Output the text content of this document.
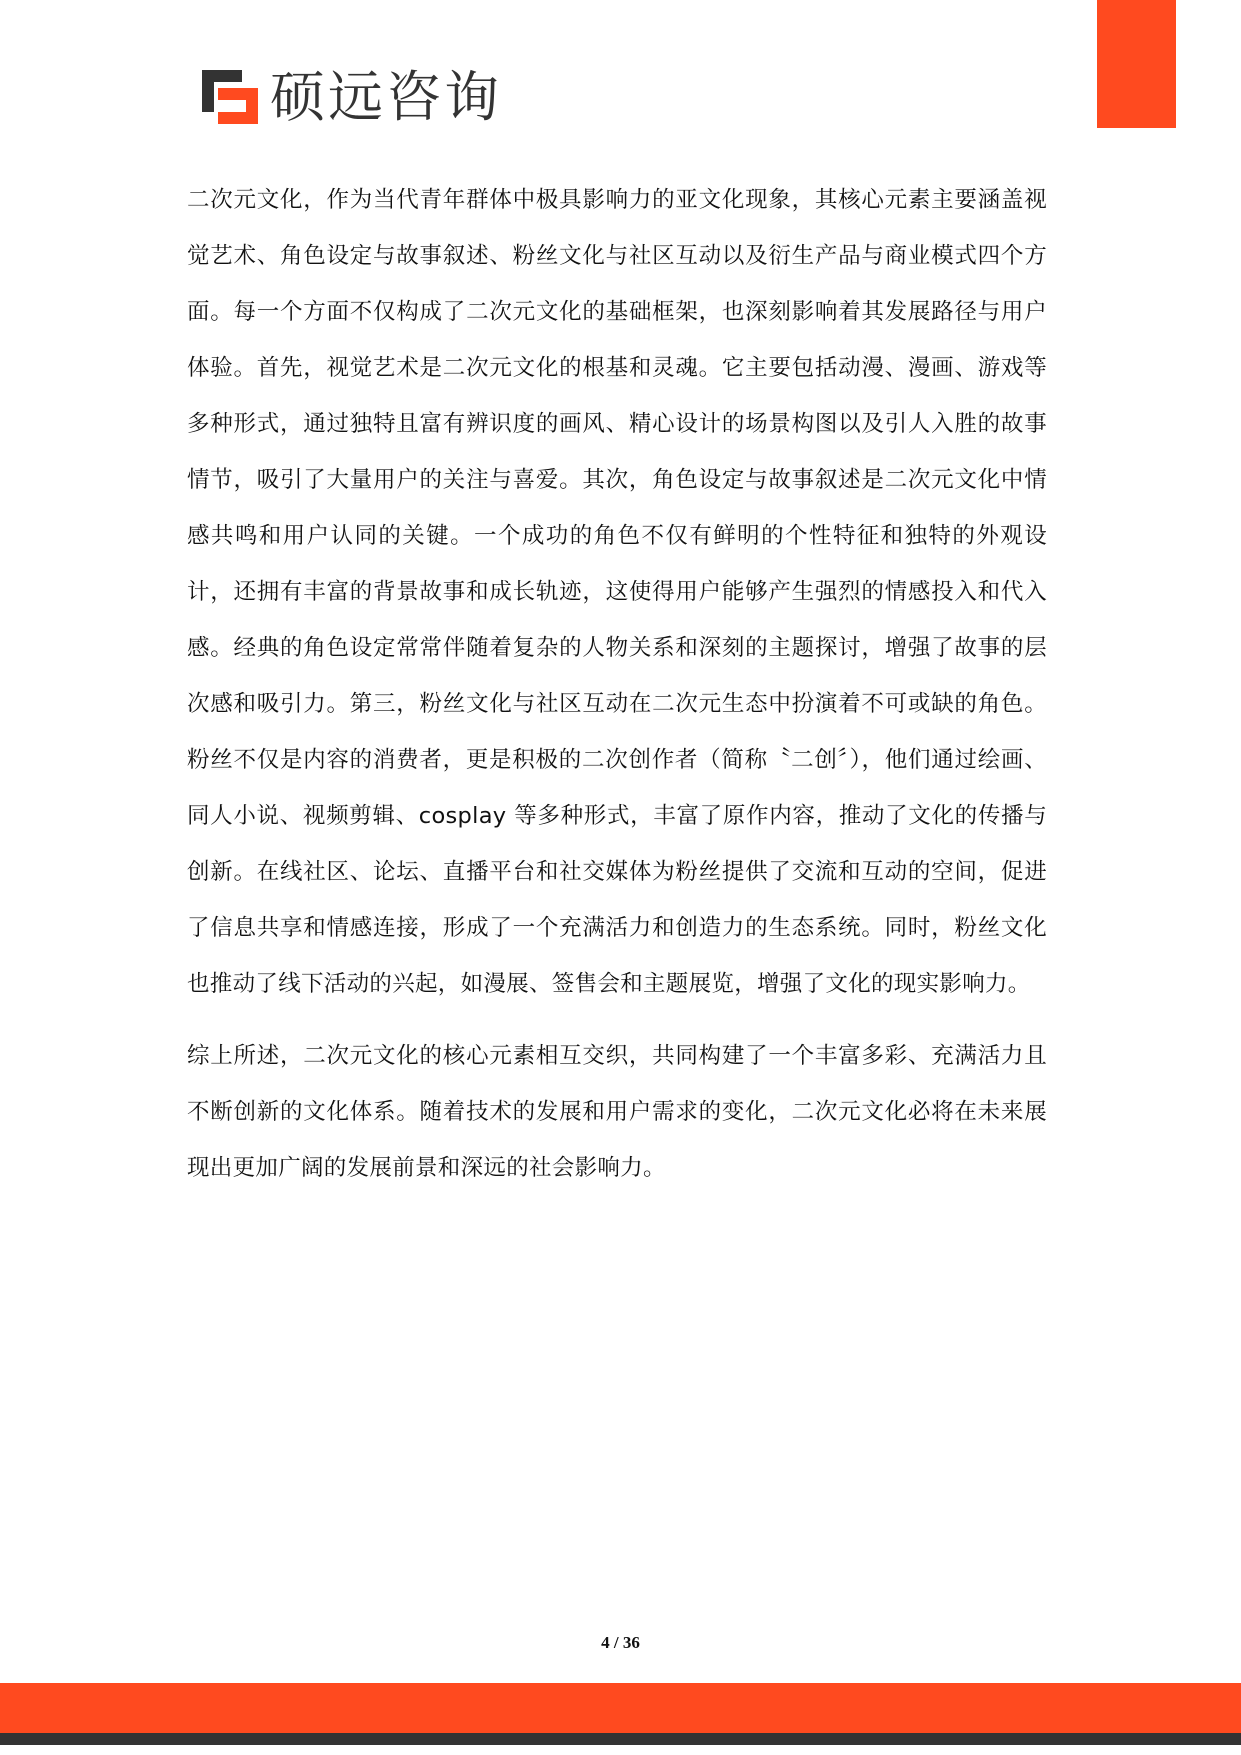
硕远咨询

二次元文化，作为当代青年群体中极具影响力的亚文化现象，其核心元素主要涵盖视觉艺术、角色设定与故事叙述、粉丝文化与社区互动以及衍生产品与商业模式四个方面。每一个方面不仅构成了二次元文化的基础框架，也深刻影响着其发展路径与用户体验。首先，视觉艺术是二次元文化的根基和灵魂。它主要包括动漫、漫画、游戏等多种形式，通过独特且富有辨识度的画风、精心设计的场景构图以及引人入胜的故事情节，吸引了大量用户的关注与喜爱。其次，角色设定与故事叙述是二次元文化中情感共鸣和用户认同的关键。一个成功的角色不仅有鲜明的个性特征和独特的外观设计，还拥有丰富的背景故事和成长轨迹，这使得用户能够产生强烈的情感投入和代入感。经典的角色设定常常伴随着复杂的人物关系和深刻的主题探讨，增强了故事的层次感和吸引力。第三，粉丝文化与社区互动在二次元生态中扮演着不可或缺的角色。粉丝不仅是内容的消费者，更是积极的二次创作者（简称〝二创〞），他们通过绘画、同人小说、视频剪辑、cosplay 等多种形式，丰富了原作内容，推动了文化的传播与创新。在线社区、论坛、直播平台和社交媒体为粉丝提供了交流和互动的空间，促进了信息共享和情感连接，形成了一个充满活力和创造力的生态系统。同时，粉丝文化也推动了线下活动的兴起，如漫展、签售会和主题展览，增强了文化的现实影响力。

综上所述，二次元文化的核心元素相互交织，共同构建了一个丰富多彩、充满活力且不断创新的文化体系。随着技术的发展和用户需求的变化，二次元文化必将在未来展现出更加广阔的发展前景和深远的社会影响力。

4 / 36
